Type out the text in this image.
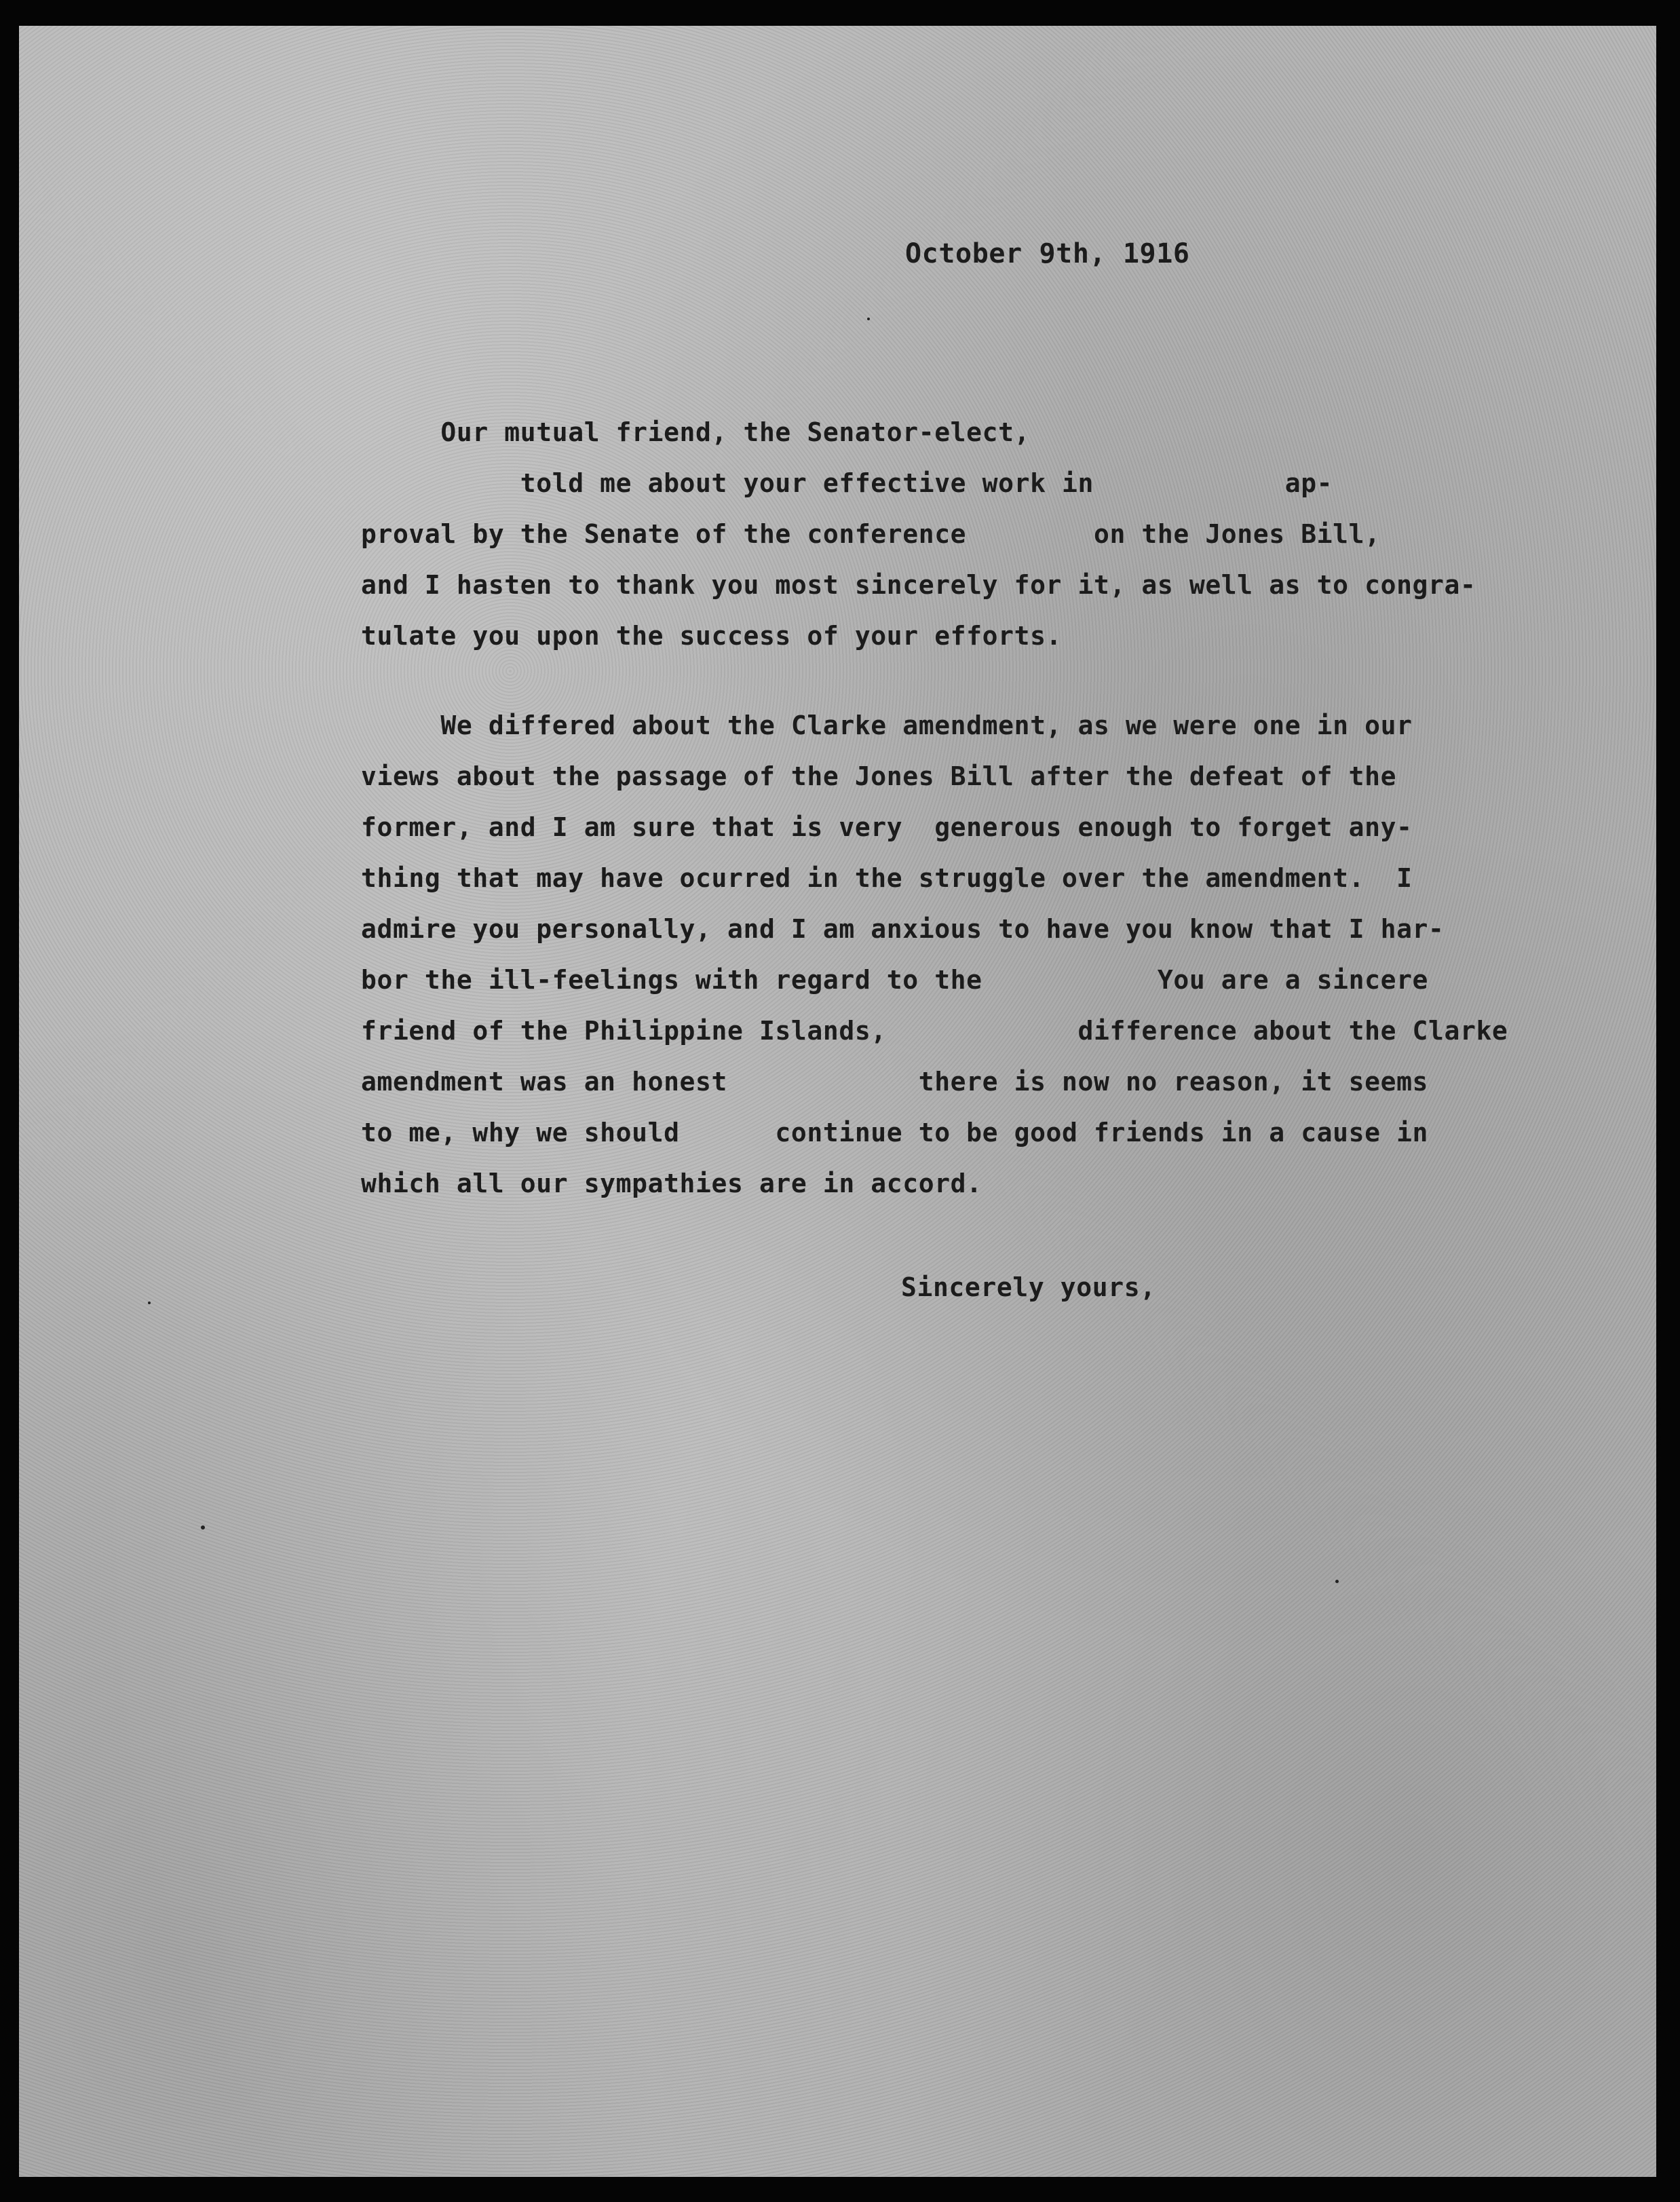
October 9th, 1916
Our mutual friend, the Senator-elect,
told me about your effective work in            ap-
proval by the Senate of the conference        on the Jones Bill,
and I hasten to thank you most sincerely for it, as well as to congra-
tulate you upon the success of your efforts.
We differed about the Clarke amendment, as we were one in our
views about the passage of the Jones Bill after the defeat of the
former, and I am sure that is very  generous enough to forget any-
thing that may have ocurred in the struggle over the amendment.  I
admire you personally, and I am anxious to have you know that I har-
bor the ill-feelings with regard to the           You are a sincere
friend of the Philippine Islands,            difference about the Clarke
amendment was an honest            there is now no reason, it seems
to me, why we should      continue to be good friends in a cause in
which all our sympathies are in accord.
Sincerely yours,
